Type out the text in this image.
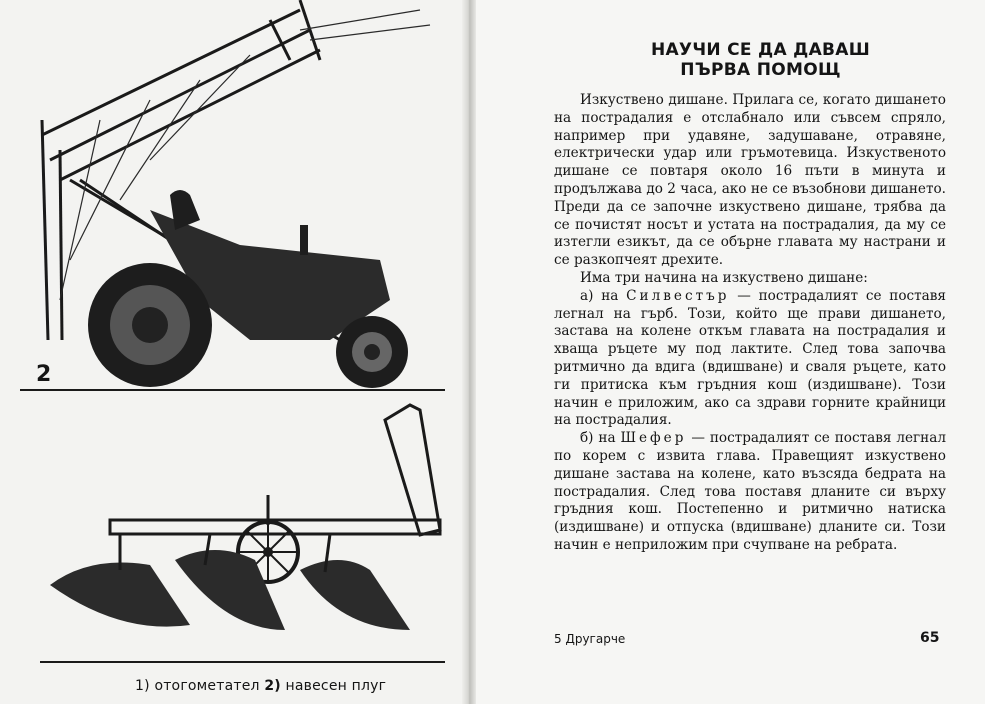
2
1) отогометател 2) навесен плуг
НАУЧИ СЕ ДА ДАВАШ
ПЪРВА ПОМОЩ

Изкуствено дишане. Прилага се, когато дишането на пострадалия е отслабнало или съвсем спряло, например при удавяне, задушаване, отравяне, електрически удар или гръмотевица. Изкуственото дишане се повтаря около 16 пъти в минута и продължава до 2 часа, ако не се възобнови дишането. Преди да се започне изкуствено дишане, трябва да се почистят носът и устата на пострадалия, да му се изтегли езикът, да се обърне главата му настрани и се разкопчеят дрехите.

Има три начина на изкуствено дишане:

а) на Силвестър — пострадалият се поставя легнал на гърб. Този, който ще прави дишането, застава на колене откъм главата на пострадалия и хваща ръцете му под лактите. След това започва ритмично да вдига (вдишване) и сваля ръцете, като ги притиска към гръдния кош (издишване). Този начин е приложим, ако са здрави горните крайници на пострадалия.

б) на Шефер — пострадалият се поставя легнал по корем с извита глава. Правещият изкуствено дишане застава на колене, като възсядa бедрата на пострадалия. След това поставя дланите си върху гръдния кош. Постепенно и ритмично натиска (издишване) и отпуска (вдишване) дланите си. Този начин е неприложим при счупване на ребрата.

5 Другарче	65
